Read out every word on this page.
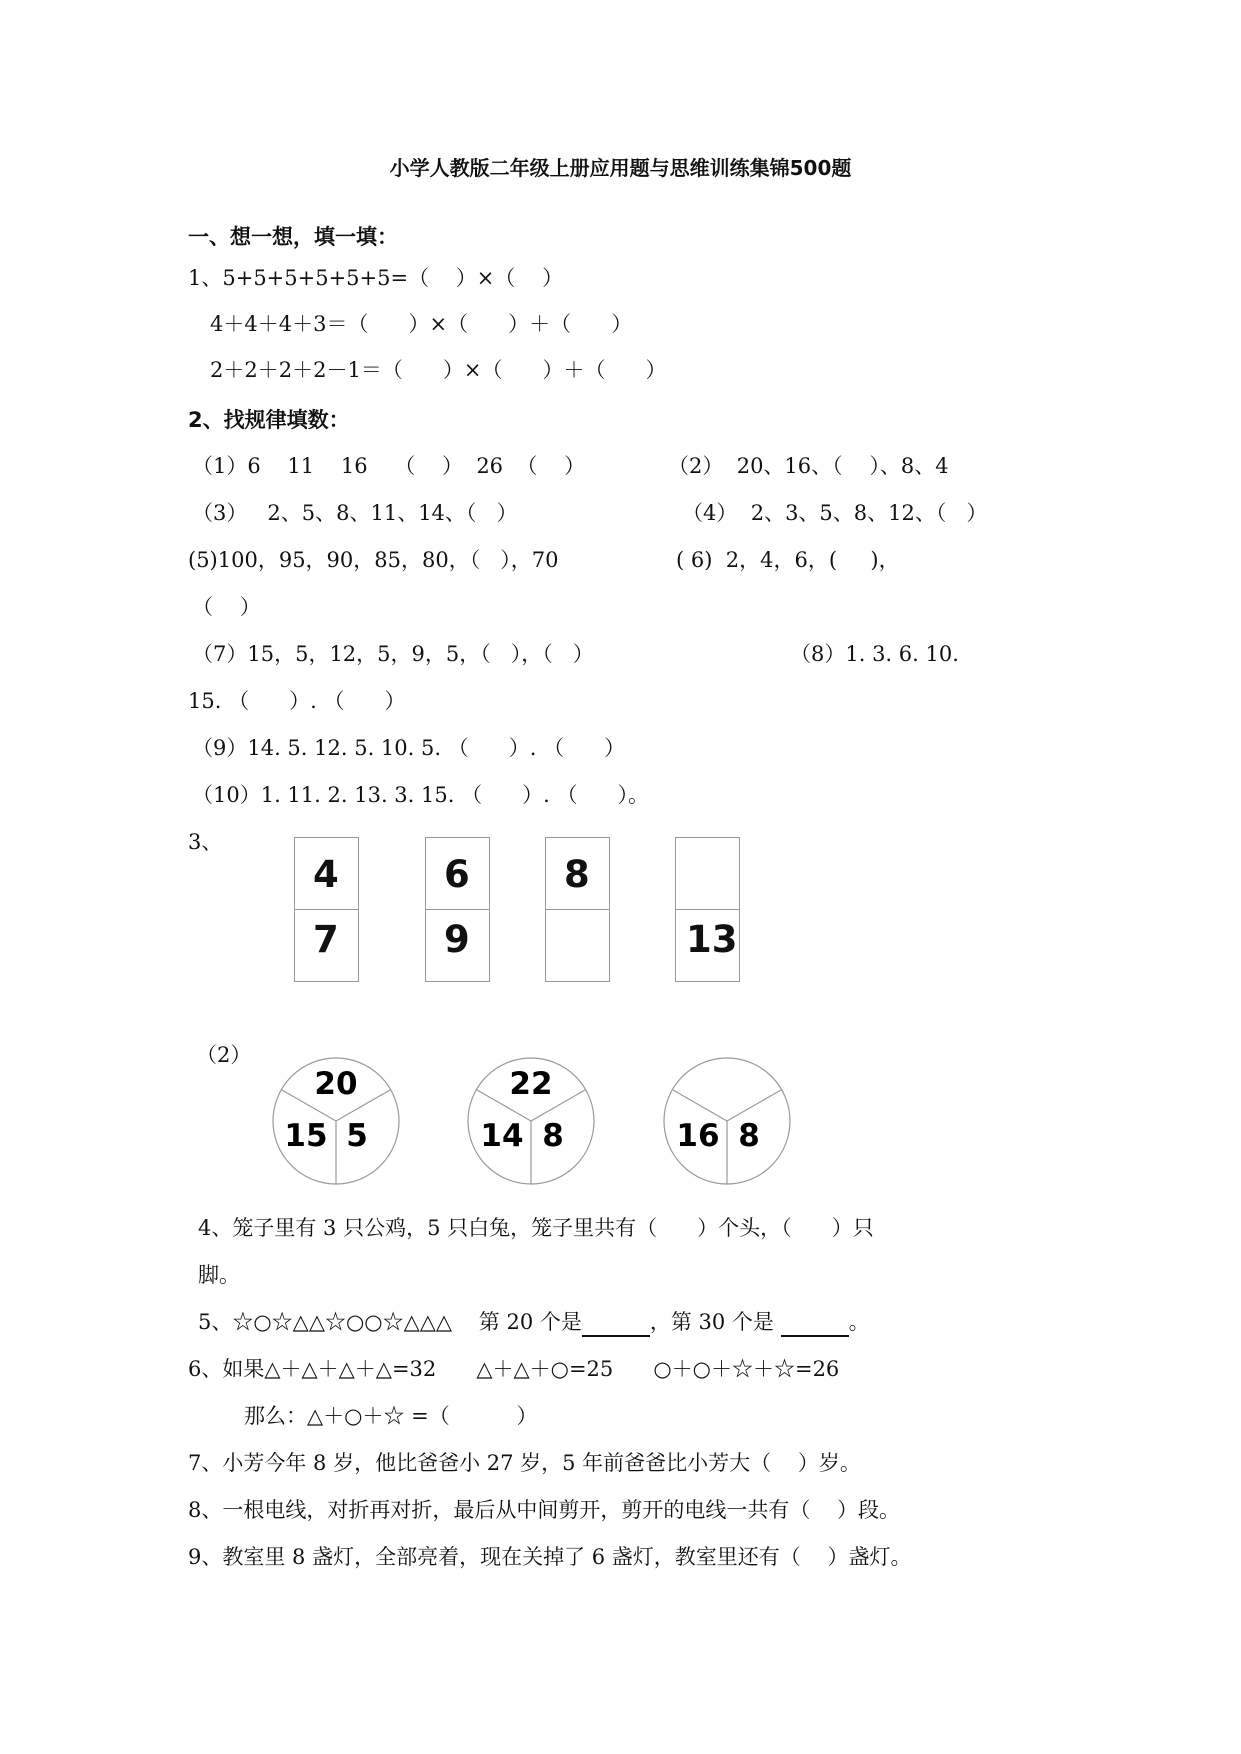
小学人教版二年级上册应用题与思维训练集锦500题
一、想一想，填一填：
1、5+5+5+5+5+5=（    ）×（    ）
4＋4＋4＋3＝（      ）×（      ）＋（      ）
2＋2＋2＋2－1＝（      ）×（      ）＋（      ）
2、找规律填数：
（1）6    11    16    （    ）  26  （    ）	（2）  20、16、（    ）、8、4
（3）   2、5、8、11、14、（   ）	（4）  2、3、5、8、12、（   ）
(5)100，95，90，85，80，（   ），70	( 6)  2，4，6，(     )，
（    ）
（7）15，5，12，5，9，5，（   ），（   ）	（8）1. 3. 6. 10.
15. （      ）. （      ）
（9）14. 5. 12. 5. 10. 5. （      ）. （      ）
（10）1. 11. 2. 13. 3. 15. （      ）. （      ）。
3、
4
7
6
9
8
13
（2）
20
15 5
22
14 8	16 8
4、笼子里有 3 只公鸡，5 只白兔，笼子里共有（      ）个头，（      ）只
脚。
5、☆○☆△△☆○○☆△△△    第 20 个是	，第 30 个是	。
6、如果△＋△＋△＋△=32      △＋△＋○=25      ○＋○＋☆＋☆=26
那么：△＋○＋☆ =（          ）
7、小芳今年 8 岁，他比爸爸小 27 岁，5 年前爸爸比小芳大（    ）岁。
8、一根电线，对折再对折，最后从中间剪开，剪开的电线一共有（    ）段。
9、教室里 8 盏灯，全部亮着，现在关掉了 6 盏灯，教室里还有（    ）盏灯。
